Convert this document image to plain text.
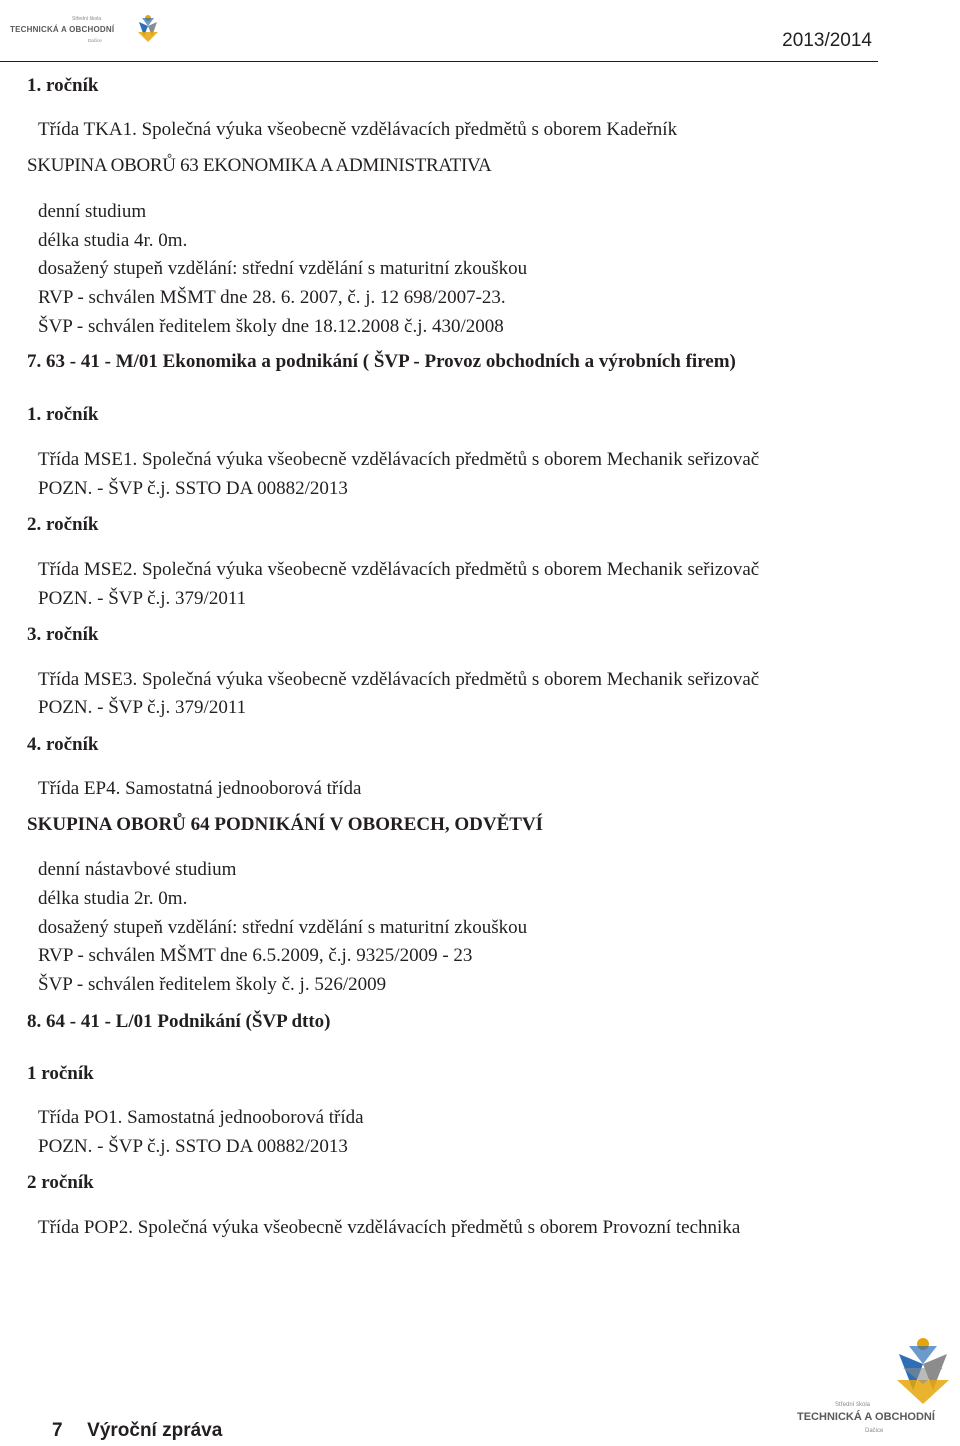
Střední škola
TECHNICKÁ A OBCHODNÍ
Dačice	2013/2014
1. ročník
Třída TKA1. Společná výuka všeobecně vzdělávacích předmětů s oborem Kadeřník
SKUPINA OBORŮ 63 EKONOMIKA A ADMINISTRATIVA
denní studium
délka studia 4r. 0m.
dosažený stupeň vzdělání: střední vzdělání s maturitní zkouškou
RVP - schválen MŠMT dne 28. 6. 2007, č. j. 12 698/2007-23.
ŠVP - schválen ředitelem školy dne 18.12.2008 č.j. 430/2008
7. 63 - 41 - M/01 Ekonomika a podnikání ( ŠVP - Provoz obchodních a výrobních firem)
1. ročník
Třída MSE1. Společná výuka všeobecně vzdělávacích předmětů s oborem Mechanik seřizovač
POZN. - ŠVP č.j. SSTO DA 00882/2013
2. ročník
Třída MSE2. Společná výuka všeobecně vzdělávacích předmětů s oborem Mechanik seřizovač
POZN. - ŠVP č.j. 379/2011
3. ročník
Třída MSE3. Společná výuka všeobecně vzdělávacích předmětů s oborem Mechanik seřizovač
POZN. - ŠVP č.j. 379/2011
4. ročník
Třída EP4. Samostatná jednooborová třída
SKUPINA OBORŮ 64 PODNIKÁNÍ V OBORECH, ODVĚTVÍ
denní nástavbové studium
délka studia 2r. 0m.
dosažený stupeň vzdělání: střední vzdělání s maturitní zkouškou
RVP - schválen MŠMT dne 6.5.2009, č.j. 9325/2009 - 23
ŠVP - schválen ředitelem školy č. j. 526/2009
8. 64 - 41 - L/01 Podnikání (ŠVP dtto)
1 ročník
Třída PO1. Samostatná jednooborová třída
POZN. - ŠVP č.j. SSTO DA 00882/2013
2 ročník
Třída POP2. Společná výuka všeobecně vzdělávacích předmětů s oborem Provozní technika
7 Výroční zpráva
Střední škola
TECHNICKÁ A OBCHODNÍ
Dačice
